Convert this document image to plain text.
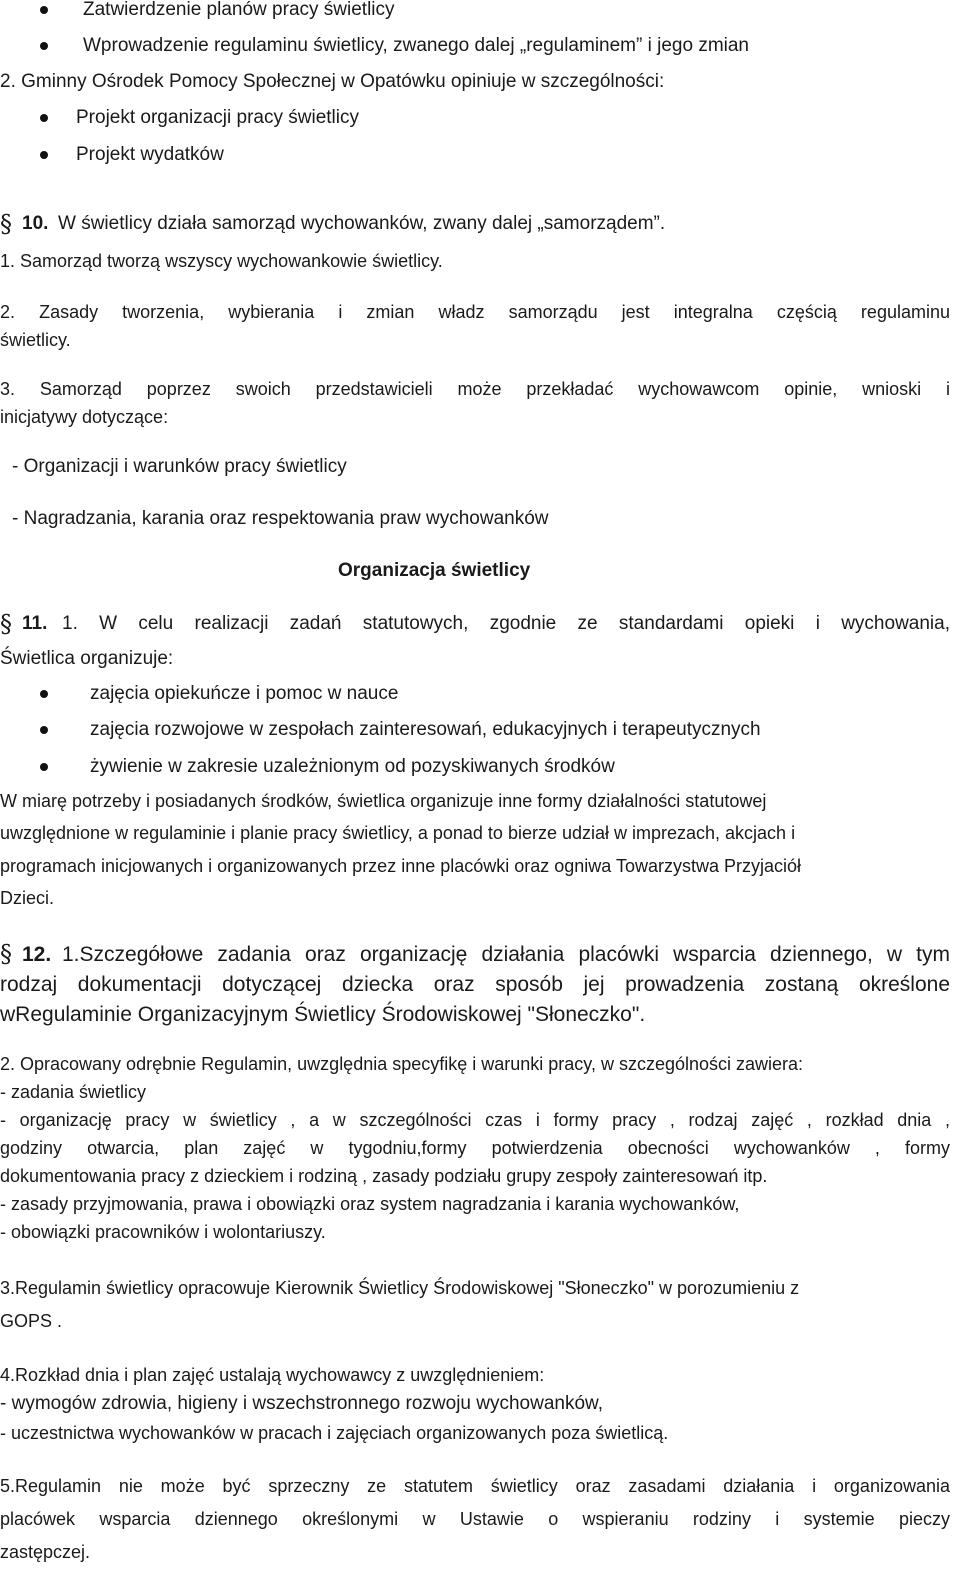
Zatwierdzenie planów pracy świetlicy
Wprowadzenie regulaminu świetlicy, zwanego dalej „regulaminem” i jego zmian
2. Gminny Ośrodek Pomocy Społecznej w Opatówku opiniuje w szczególności:
Projekt organizacji pracy świetlicy
Projekt wydatków
§ 10. W świetlicy działa samorząd wychowanków, zwany dalej „samorządem”.
1. Samorząd tworzą wszyscy wychowankowie świetlicy.
2. Zasady tworzenia, wybierania i zmian władz samorządu jest integralna częścią regulaminu
świetlicy.
3. Samorząd poprzez swoich przedstawicieli może przekładać wychowawcom opinie, wnioski i
inicjatywy dotyczące:
- Organizacji i warunków pracy świetlicy
- Nagradzania, karania oraz respektowania praw wychowanków
Organizacja świetlicy
§ 11. 1. W celu realizacji zadań statutowych, zgodnie ze standardami opieki i wychowania,
Świetlica organizuje:
zajęcia opiekuńcze i pomoc w nauce
zajęcia rozwojowe w zespołach zainteresowań, edukacyjnych i terapeutycznych
żywienie w zakresie uzależnionym od pozyskiwanych środków
W miarę potrzeby i posiadanych środków, świetlica organizuje inne formy działalności statutowej
uwzględnione w regulaminie i planie pracy świetlicy, a ponad to bierze udział w imprezach, akcjach i
programach inicjowanych i organizowanych przez inne placówki oraz ogniwa Towarzystwa Przyjaciół
Dzieci.
§ 12. 1.Szczegółowe zadania oraz organizację działania placówki wsparcia dziennego, w tym
rodzaj dokumentacji dotyczącej dziecka oraz sposób jej prowadzenia zostaną określone
wRegulaminie Organizacyjnym Świetlicy Środowiskowej "Słoneczko".
2. Opracowany odrębnie Regulamin, uwzględnia specyfikę i warunki pracy, w szczególności zawiera:
- zadania świetlicy
- organizację pracy w świetlicy , a w szczególności czas i formy pracy , rodzaj zajęć , rozkład dnia ,
godziny otwarcia, plan zajęć w tygodniu,formy potwierdzenia obecności wychowanków , formy
dokumentowania pracy z dzieckiem i rodziną , zasady podziału grupy zespoły zainteresowań itp.
- zasady przyjmowania, prawa i obowiązki oraz system nagradzania i karania wychowanków,
- obowiązki pracowników i wolontariuszy.
3.Regulamin świetlicy opracowuje Kierownik Świetlicy Środowiskowej "Słoneczko" w porozumieniu z
GOPS .
4.Rozkład dnia i plan zajęć ustalają wychowawcy z uwzględnieniem:
- wymogów zdrowia, higieny i wszechstronnego rozwoju wychowanków,
- uczestnictwa wychowanków w pracach i zajęciach organizowanych poza świetlicą.
5.Regulamin nie może być sprzeczny ze statutem świetlicy oraz zasadami działania i organizowania
placówek wsparcia dziennego określonymi w Ustawie o wspieraniu rodziny i systemie pieczy
zastępczej.
